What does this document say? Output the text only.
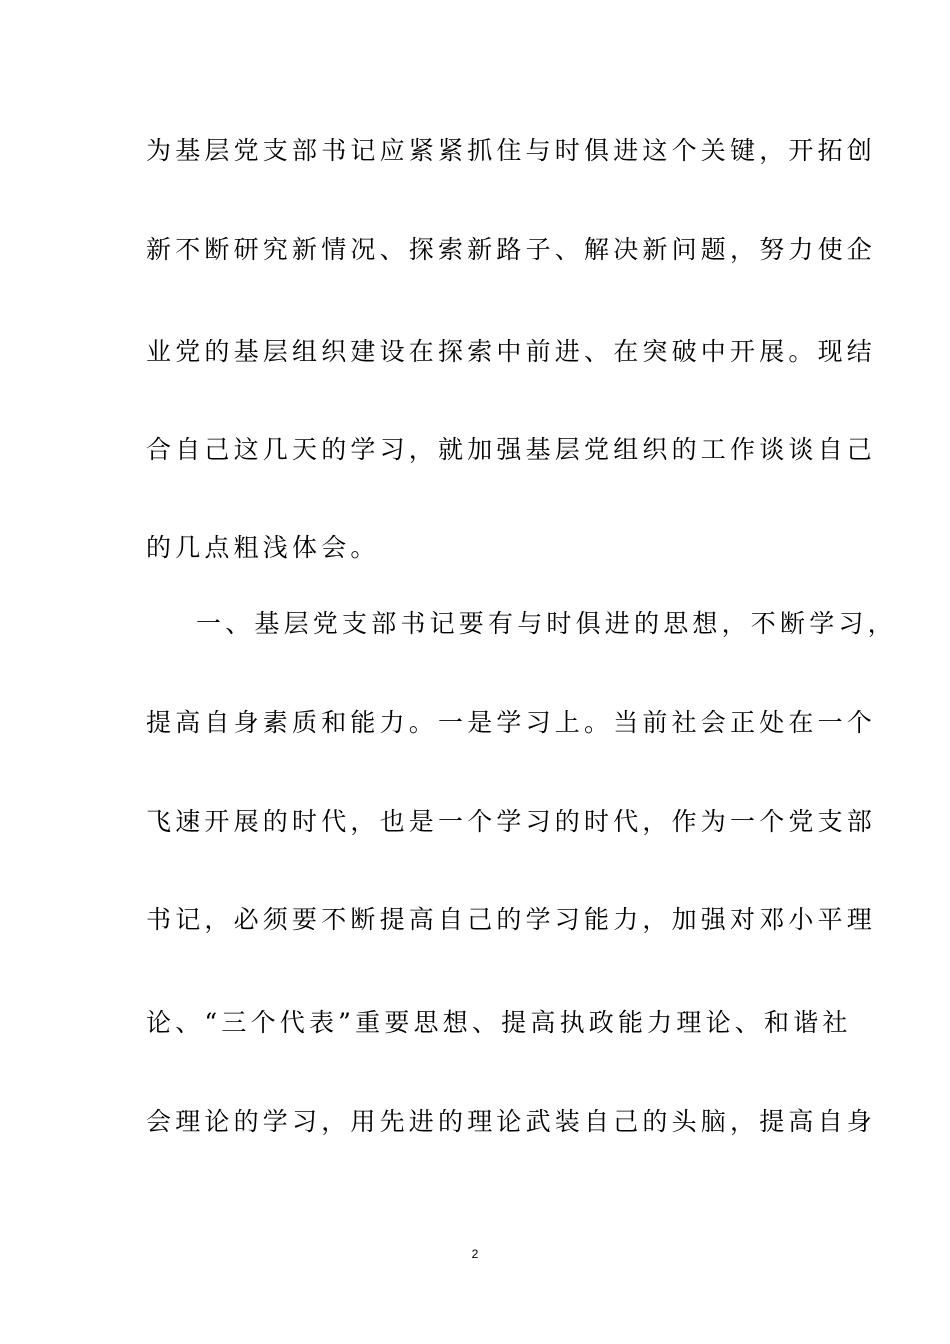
为基层党支部书记应紧紧抓住与时俱进这个关键，开拓创
新不断研究新情况、探索新路子、解决新问题，努力使企
业党的基层组织建设在探索中前进、在突破中开展。现结
合自己这几天的学习，就加强基层党组织的工作谈谈自己
的几点粗浅体会。
一、基层党支部书记要有与时俱进的思想，不断学习，
提高自身素质和能力。一是学习上。当前社会正处在一个
飞速开展的时代，也是一个学习的时代，作为一个党支部
书记，必须要不断提高自己的学习能力，加强对邓小平理
论、“三个代表”重要思想、提高执政能力理论、和谐社
会理论的学习，用先进的理论武装自己的头脑，提高自身
2
